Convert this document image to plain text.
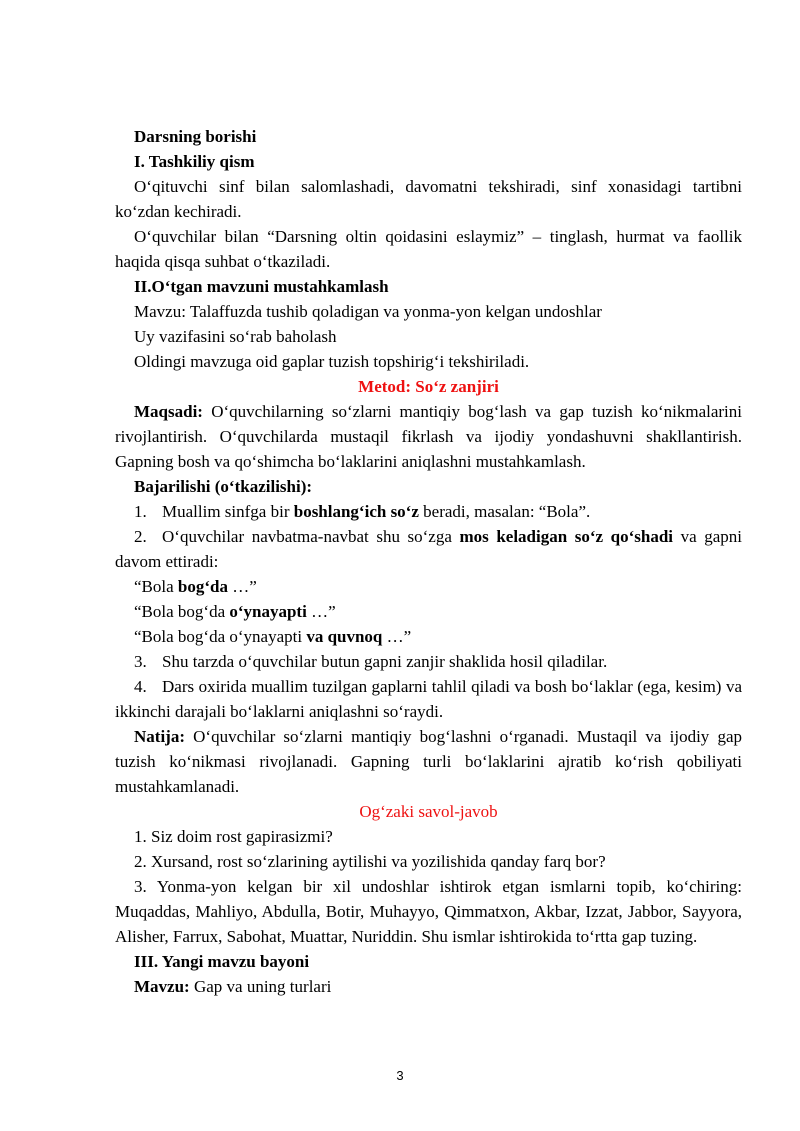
Darsning borishi

I. Tashkiliy qism

O‘qituvchi sinf bilan salomlashadi, davomatni tekshiradi, sinf xonasidagi tartibni ko‘zdan kechiradi.

O‘quvchilar bilan “Darsning oltin qoidasini eslaymiz” – tinglash, hurmat va faollik haqida qisqa suhbat o‘tkaziladi.

II.O‘tgan mavzuni mustahkamlash

Mavzu: Talaffuzda tushib qoladigan va yonma-yon kelgan undoshlar

Uy vazifasini so‘rab baholash

Oldingi mavzuga oid gaplar tuzish topshirig‘i tekshiriladi.

Metod: So‘z zanjiri

Maqsadi: O‘quvchilarning so‘zlarni mantiqiy bog‘lash va gap tuzish ko‘nikmalarini rivojlantirish. O‘quvchilarda mustaqil fikrlash va ijodiy yondashuvni shakllantirish. Gapning bosh va qo‘shimcha bo‘laklarini aniqlashni mustahkamlash.

Bajarilishi (o‘tkazilishi):

1. Muallim sinfga bir boshlang‘ich so‘z beradi, masalan: “Bola”.

2. O‘quvchilar navbatma-navbat shu so‘zga mos keladigan so‘z qo‘shadi va gapni davom ettiradi:

“Bola bog‘da …”

“Bola bog‘da o‘ynayapti …”

“Bola bog‘da o‘ynayapti va quvnoq …”

3. Shu tarzda o‘quvchilar butun gapni zanjir shaklida hosil qiladilar.

4. Dars oxirida muallim tuzilgan gaplarni tahlil qiladi va bosh bo‘laklar (ega, kesim) va ikkinchi darajali bo‘laklarni aniqlashni so‘raydi.

Natija: O‘quvchilar so‘zlarni mantiqiy bog‘lashni o‘rganadi. Mustaqil va ijodiy gap tuzish ko‘nikmasi rivojlanadi. Gapning turli bo‘laklarini ajratib ko‘rish qobiliyati mustahkamlanadi.

Og‘zaki savol-javob

1. Siz doim rost gapirasizmi?

2. Xursand, rost so‘zlarining aytilishi va yozilishida qanday farq bor?

3. Yonma-yon kelgan bir xil undoshlar ishtirok etgan ismlarni topib, ko‘chiring: Muqaddas, Mahliyo, Abdulla, Botir, Muhayyo, Qimmatxon, Akbar, Izzat, Jabbor, Sayyora, Alisher, Farrux, Sabohat, Muattar, Nuriddin. Shu ismlar ishtirokida to‘rtta gap tuzing.

III. Yangi mavzu bayoni

Mavzu: Gap va uning turlari

3
